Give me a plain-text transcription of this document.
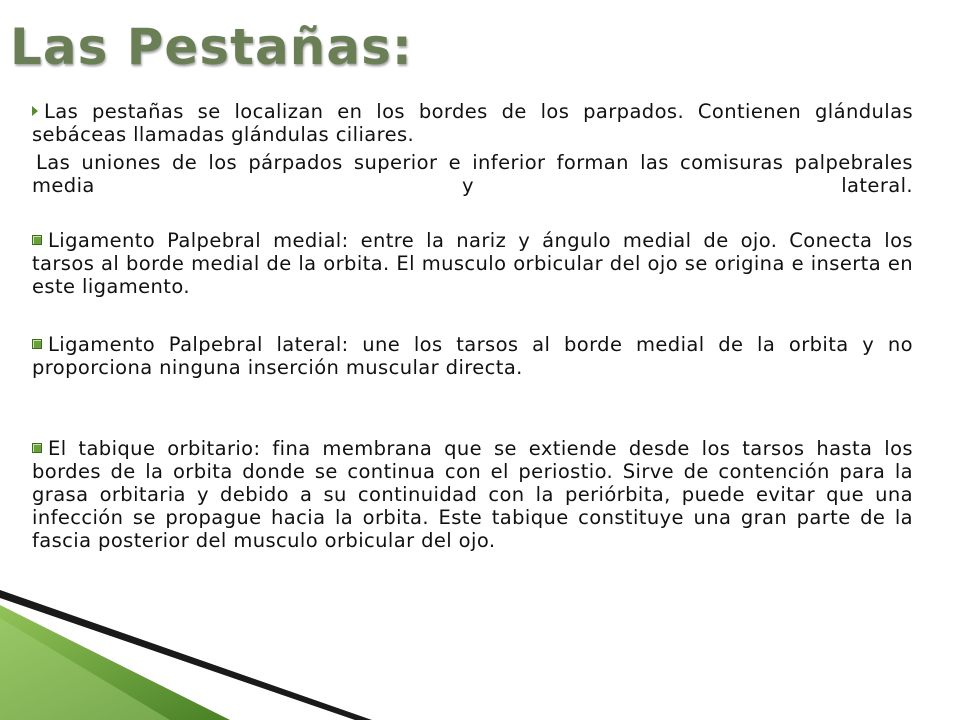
Las Pestañas:

Las pestañas se localizan en los bordes de los parpados. Contienen glándulas sebáceas llamadas glándulas ciliares.

Las uniones de los párpados superior e inferior forman las comisuras palpebrales media y lateral.

Ligamento Palpebral medial: entre la nariz y ángulo medial de ojo. Conecta los tarsos al borde medial de la orbita. El musculo orbicular del ojo se origina e inserta en este ligamento.

Ligamento Palpebral lateral: une los tarsos al borde medial de la orbita y no proporciona ninguna inserción muscular directa.

El tabique orbitario: fina membrana que se extiende desde los tarsos hasta los bordes de la orbita donde se continua con el periostio. Sirve de contención para la grasa orbitaria y debido a su continuidad con la periórbita, puede evitar que una infección se propague hacia la orbita. Este tabique constituye una gran parte de la fascia posterior del musculo orbicular del ojo.
